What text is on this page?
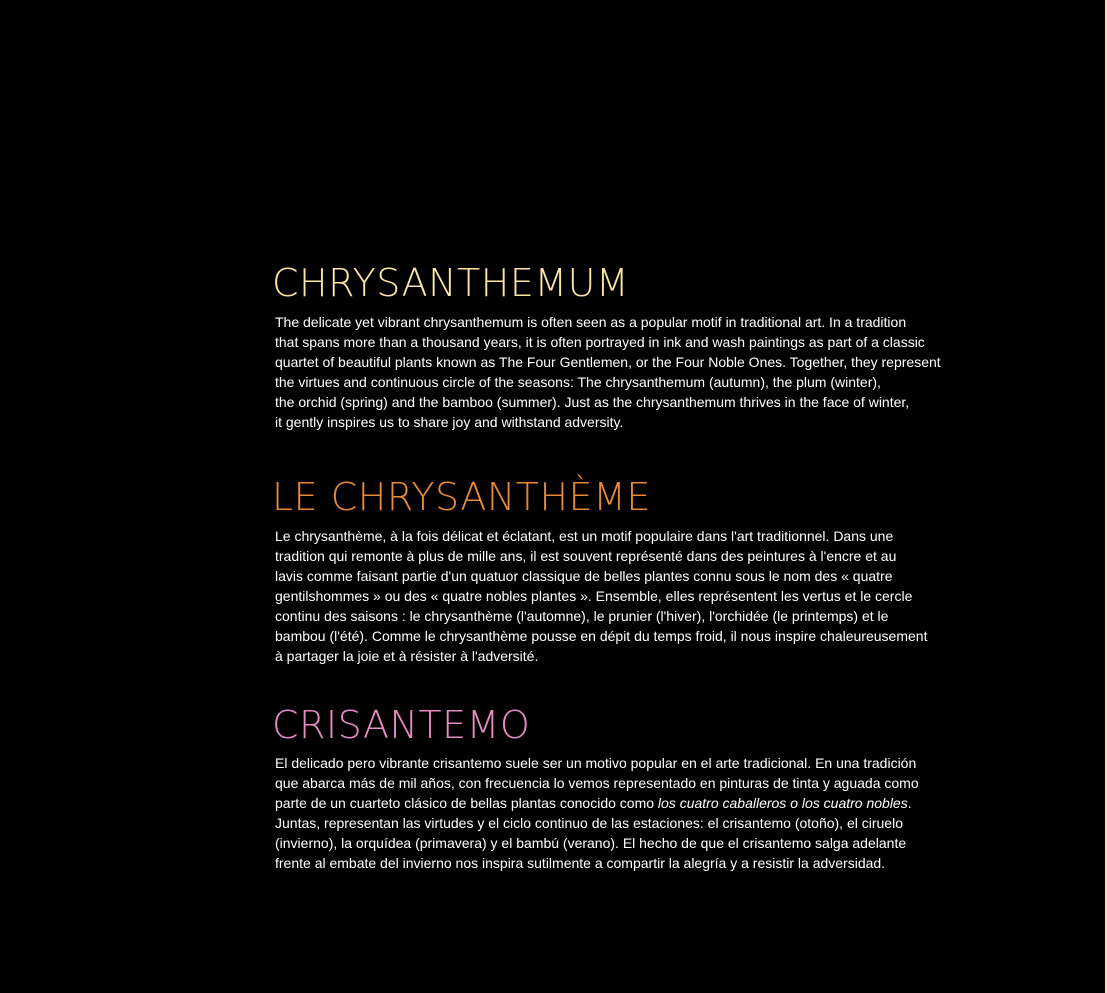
CHRYSANTHEMUM

The delicate yet vibrant chrysanthemum is often seen as a popular motif in traditional art. In a tradition
that spans more than a thousand years, it is often portrayed in ink and wash paintings as part of a classic
quartet of beautiful plants known as The Four Gentlemen, or the Four Noble Ones. Together, they represent
the virtues and continuous circle of the seasons: The chrysanthemum (autumn), the plum (winter),
the orchid (spring) and the bamboo (summer). Just as the chrysanthemum thrives in the face of winter,
it gently inspires us to share joy and withstand adversity.

LE CHRYSANTHÈME

Le chrysanthème, à la fois délicat et éclatant, est un motif populaire dans l'art traditionnel. Dans une
tradition qui remonte à plus de mille ans, il est souvent représenté dans des peintures à l'encre et au
lavis comme faisant partie d'un quatuor classique de belles plantes connu sous le nom des « quatre
gentilshommes » ou des « quatre nobles plantes ». Ensemble, elles représentent les vertus et le cercle
continu des saisons : le chrysanthème (l'automne), le prunier (l'hiver), l'orchidée (le printemps) et le
bambou (l'été). Comme le chrysanthème pousse en dépit du temps froid, il nous inspire chaleureusement
à partager la joie et à résister à l'adversité.

CRISANTEMO

El delicado pero vibrante crisantemo suele ser un motivo popular en el arte tradicional. En una tradición
que abarca más de mil años, con frecuencia lo vemos representado en pinturas de tinta y aguada como
parte de un cuarteto clásico de bellas plantas conocido como los cuatro caballeros o los cuatro nobles.
Juntas, representan las virtudes y el ciclo continuo de las estaciones: el crisantemo (otoño), el ciruelo
(invierno), la orquídea (primavera) y el bambú (verano). El hecho de que el crisantemo salga adelante
frente al embate del invierno nos inspira sutilmente a compartir la alegría y a resistir la adversidad.
